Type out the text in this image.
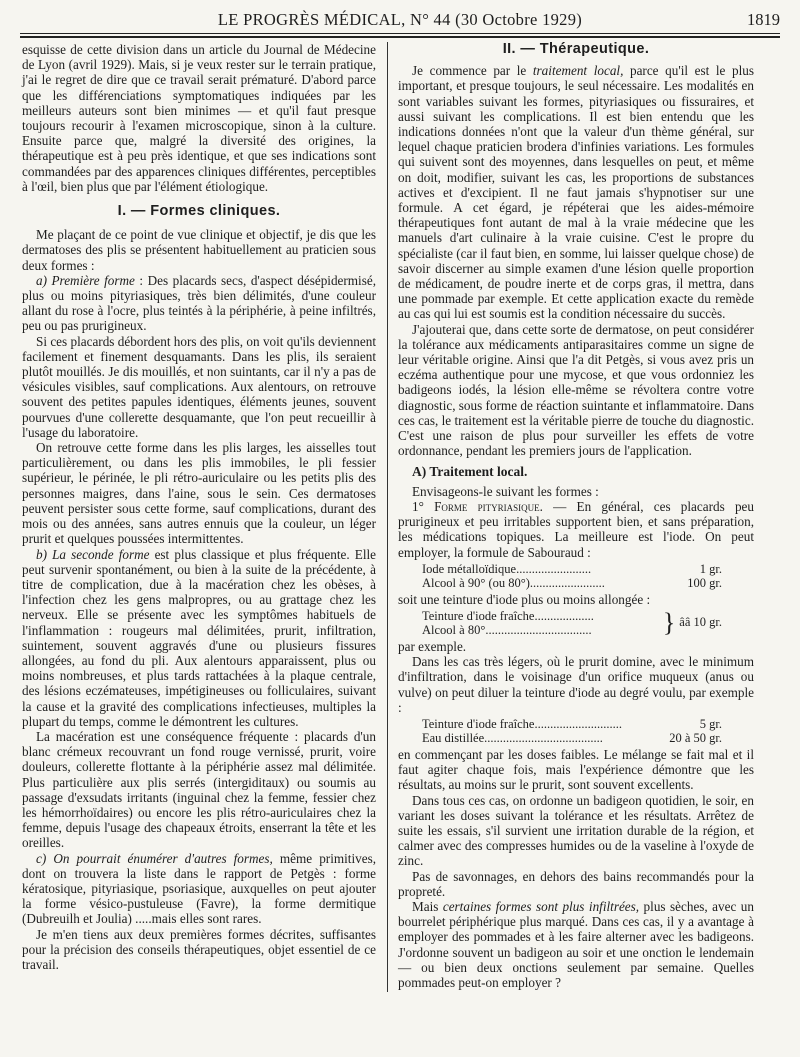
LE PROGRÈS MÉDICAL, N° 44 (30 Octobre 1929)	1819

esquisse de cette division dans un article du Journal de Médecine de Lyon (avril 1929). Mais, si je veux rester sur le terrain pratique, j'ai le regret de dire que ce travail serait prématuré. D'abord parce que les différenciations symptomatiques indiquées par les meilleurs auteurs sont bien minimes — et qu'il faut presque toujours recourir à l'examen microscopique, sinon à la culture. Ensuite parce que, malgré la diversité des origines, la thérapeutique est à peu près identique, et que ses indications sont commandées par des apparences cliniques différentes, perceptibles à l'œil, bien plus que par l'élément étiologique.

I. — Formes cliniques.

Me plaçant de ce point de vue clinique et objectif, je dis que les dermatoses des plis se présentent habituellement au praticien sous deux formes :

a) Première forme : Des placards secs, d'aspect désépidermisé, plus ou moins pityriasiques, très bien délimités, d'une couleur allant du rose à l'ocre, plus teintés à la périphérie, à peine infiltrés, peu ou pas prurigineux.

Si ces placards débordent hors des plis, on voit qu'ils deviennent facilement et finement desquamants. Dans les plis, ils seraient plutôt mouillés. Je dis mouillés, et non suintants, car il n'y a pas de vésicules visibles, sauf complications. Aux alentours, on retrouve souvent des petites papules identiques, éléments jeunes, souvent pourvues d'une collerette desquamante, que l'on peut recueillir à l'usage du laboratoire.

On retrouve cette forme dans les plis larges, les aisselles tout particulièrement, ou dans les plis immobiles, le pli fessier supérieur, le périnée, le pli rétro-auriculaire ou les petits plis des personnes maigres, dans l'aine, sous le sein. Ces dermatoses peuvent persister sous cette forme, sauf complications, durant des mois ou des années, sans autres ennuis que la couleur, un léger prurit et quelques poussées intermittentes.

b) La seconde forme est plus classique et plus fréquente. Elle peut survenir spontanément, ou bien à la suite de la précédente, à titre de complication, due à la macération chez les obèses, à l'infection chez les gens malpropres, ou au grattage chez les nerveux. Elle se présente avec les symptômes habituels de l'inflammation : rougeurs mal délimitées, prurit, infiltration, suintement, souvent aggravés d'une ou plusieurs fissures allongées, au fond du pli. Aux alentours apparaissent, plus ou moins nombreuses, et plus tards rattachées à la plaque centrale, des lésions eczémateuses, impétigineuses ou folliculaires, suivant la cause et la gravité des complications infectieuses, multiples la plupart du temps, comme le démontrent les cultures.

La macération est une conséquence fréquente : placards d'un blanc crémeux recouvrant un fond rouge vernissé, prurit, voire douleurs, collerette flottante à la périphérie assez mal délimitée. Plus particulière aux plis serrés (intergiditaux) ou soumis au passage d'exsudats irritants (inguinal chez la femme, fessier chez les hémorrhoïdaires) ou encore les plis rétro-auriculaires chez la femme, depuis l'usage des chapeaux étroits, enserrant la tête et les oreilles.

c) On pourrait énumérer d'autres formes, même primitives, dont on trouvera la liste dans le rapport de Petgès : forme kératosique, pityriasique, psoriasique, auxquelles on peut ajouter la forme vésico-pustuleuse (Favre), la forme dermitique (Dubreuilh et Joulia) .....mais elles sont rares.

Je m'en tiens aux deux premières formes décrites, suffisantes pour la précision des conseils thérapeutiques, objet essentiel de ce travail.

II. — Thérapeutique.

Je commence par le traitement local, parce qu'il est le plus important, et presque toujours, le seul nécessaire. Les modalités en sont variables suivant les formes, pityriasiques ou fissuraires, et aussi suivant les complications. Il est bien entendu que les indications données n'ont que la valeur d'un thème général, sur lequel chaque praticien brodera d'infinies variations. Les formules qui suivent sont des moyennes, dans lesquelles on peut, et même on doit, modifier, suivant les cas, les proportions de substances actives et d'excipient. Il ne faut jamais s'hypnotiser sur une formule. A cet égard, je répéterai que les aides-mémoire thérapeutiques font autant de mal à la vraie médecine que les manuels d'art culinaire à la vraie cuisine. C'est le propre du spécialiste (car il faut bien, en somme, lui laisser quelque chose) de savoir discerner au simple examen d'une lésion quelle proportion de médicament, de poudre inerte et de corps gras, il mettra, dans une pommade par exemple. Et cette application exacte du remède au cas qui lui est soumis est la condition nécessaire du succès.

J'ajouterai que, dans cette sorte de dermatose, on peut considérer la tolérance aux médicaments antiparasitaires comme un signe de leur véritable origine. Ainsi que l'a dit Petgès, si vous avez pris un eczéma authentique pour une mycose, et que vous ordonniez les badigeons iodés, la lésion elle-même se révoltera contre votre diagnostic, sous forme de réaction suintante et inflammatoire. Dans ces cas, le traitement est la véritable pierre de touche du diagnostic. C'est une raison de plus pour surveiller les effets de votre ordonnance, pendant les premiers jours de l'application.

A) Traitement local.

Envisageons-le suivant les formes :

1° Forme pityriasique. — En général, ces placards peu prurigineux et peu irritables supportent bien, et sans préparation, les médications topiques. La meilleure est l'iode. On peut employer, la formule de Sabouraud :

Iode métalloïdique........................	1 gr.
Alcool à 90° (ou 80°)........................	100 gr.

soit une teinture d'iode plus ou moins allongée :

Teinture d'iode fraîche...................
Alcool à 80°..................................	} ââ 10 gr.

par exemple.

Dans les cas très légers, où le prurit domine, avec le minimum d'infiltration, dans le voisinage d'un orifice muqueux (anus ou vulve) on peut diluer la teinture d'iode au degré voulu, par exemple :

Teinture d'iode fraîche............................	5 gr.
Eau distillée......................................	20 à 50 gr.

en commençant par les doses faibles. Le mélange se fait mal et il faut agiter chaque fois, mais l'expérience démontre que les résultats, au moins sur le prurit, sont souvent excellents.

Dans tous ces cas, on ordonne un badigeon quotidien, le soir, en variant les doses suivant la tolérance et les résultats. Arrêtez de suite les essais, s'il survient une irritation durable de la région, et calmer avec des compresses humides ou de la vaseline à l'oxyde de zinc.

Pas de savonnages, en dehors des bains recommandés pour la propreté.

Mais certaines formes sont plus infiltrées, plus sèches, avec un bourrelet périphérique plus marqué. Dans ces cas, il y a avantage à employer des pommades et à les faire alterner avec les badigeons. J'ordonne souvent un badigeon au soir et une onction le lendemain — ou bien deux onctions seulement par semaine. Quelles pommades peut-on employer ?
